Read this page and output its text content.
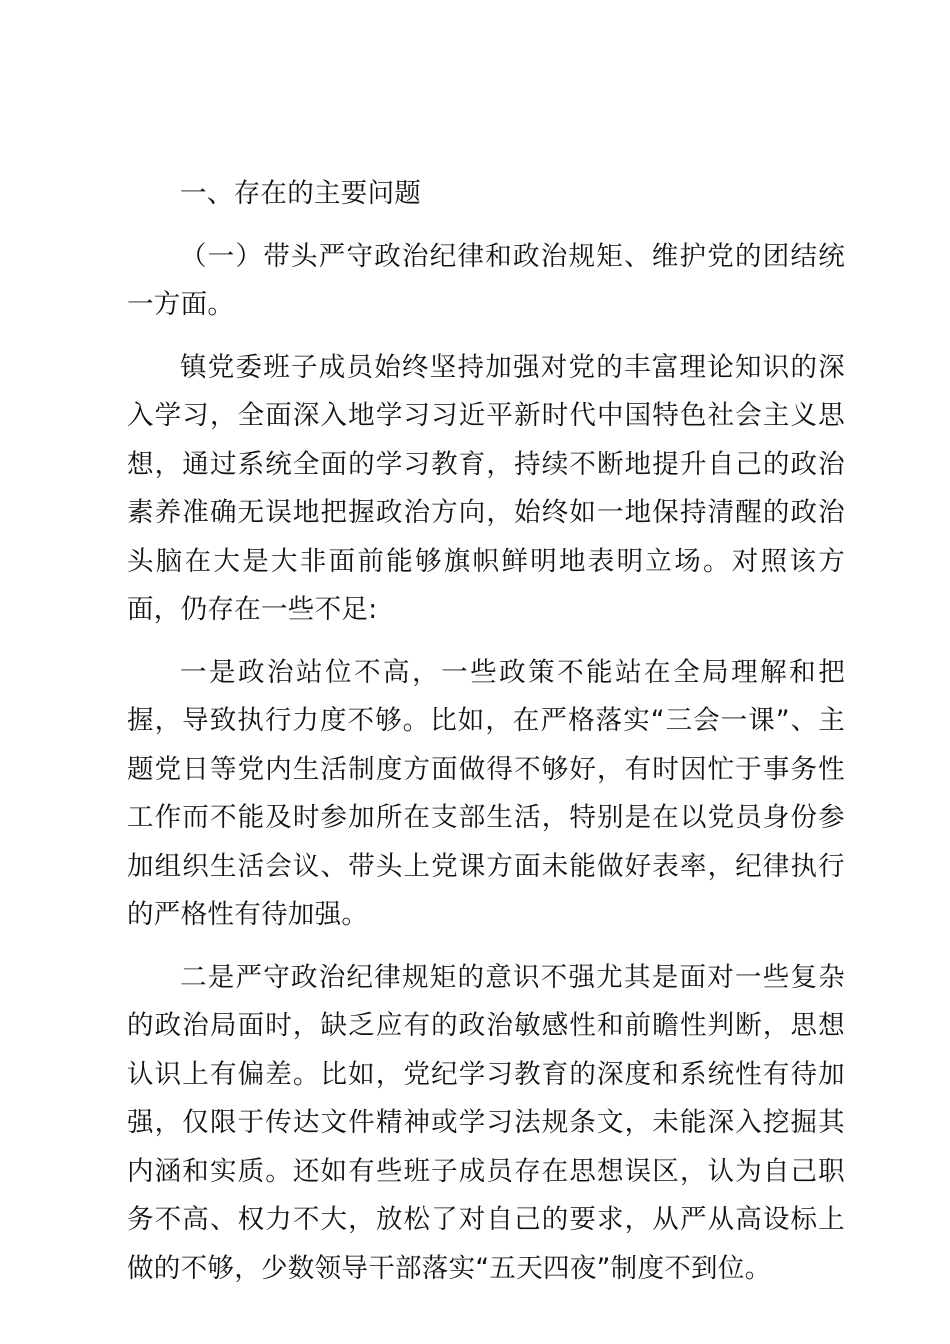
一、存在的主要问题

（一）带头严守政治纪律和政治规矩、维护党的团结统一方面。

镇党委班子成员始终坚持加强对党的丰富理论知识的深入学习，全面深入地学习习近平新时代中国特色社会主义思想，通过系统全面的学习教育，持续不断地提升自己的政治素养准确无误地把握政治方向，始终如一地保持清醒的政治头脑在大是大非面前能够旗帜鲜明地表明立场。对照该方面，仍存在一些不足:

一是政治站位不高，一些政策不能站在全局理解和把握，导致执行力度不够。比如，在严格落实“三会一课”、主题党日等党内生活制度方面做得不够好，有时因忙于事务性工作而不能及时参加所在支部生活，特别是在以党员身份参加组织生活会议、带头上党课方面未能做好表率，纪律执行的严格性有待加强。

二是严守政治纪律规矩的意识不强尤其是面对一些复杂的政治局面时，缺乏应有的政治敏感性和前瞻性判断，思想认识上有偏差。比如，党纪学习教育的深度和系统性有待加强，仅限于传达文件精神或学习法规条文，未能深入挖掘其内涵和实质。还如有些班子成员存在思想误区，认为自己职务不高、权力不大，放松了对自己的要求，从严从高设标上做的不够，少数领导干部落实“五天四夜”制度不到位。
